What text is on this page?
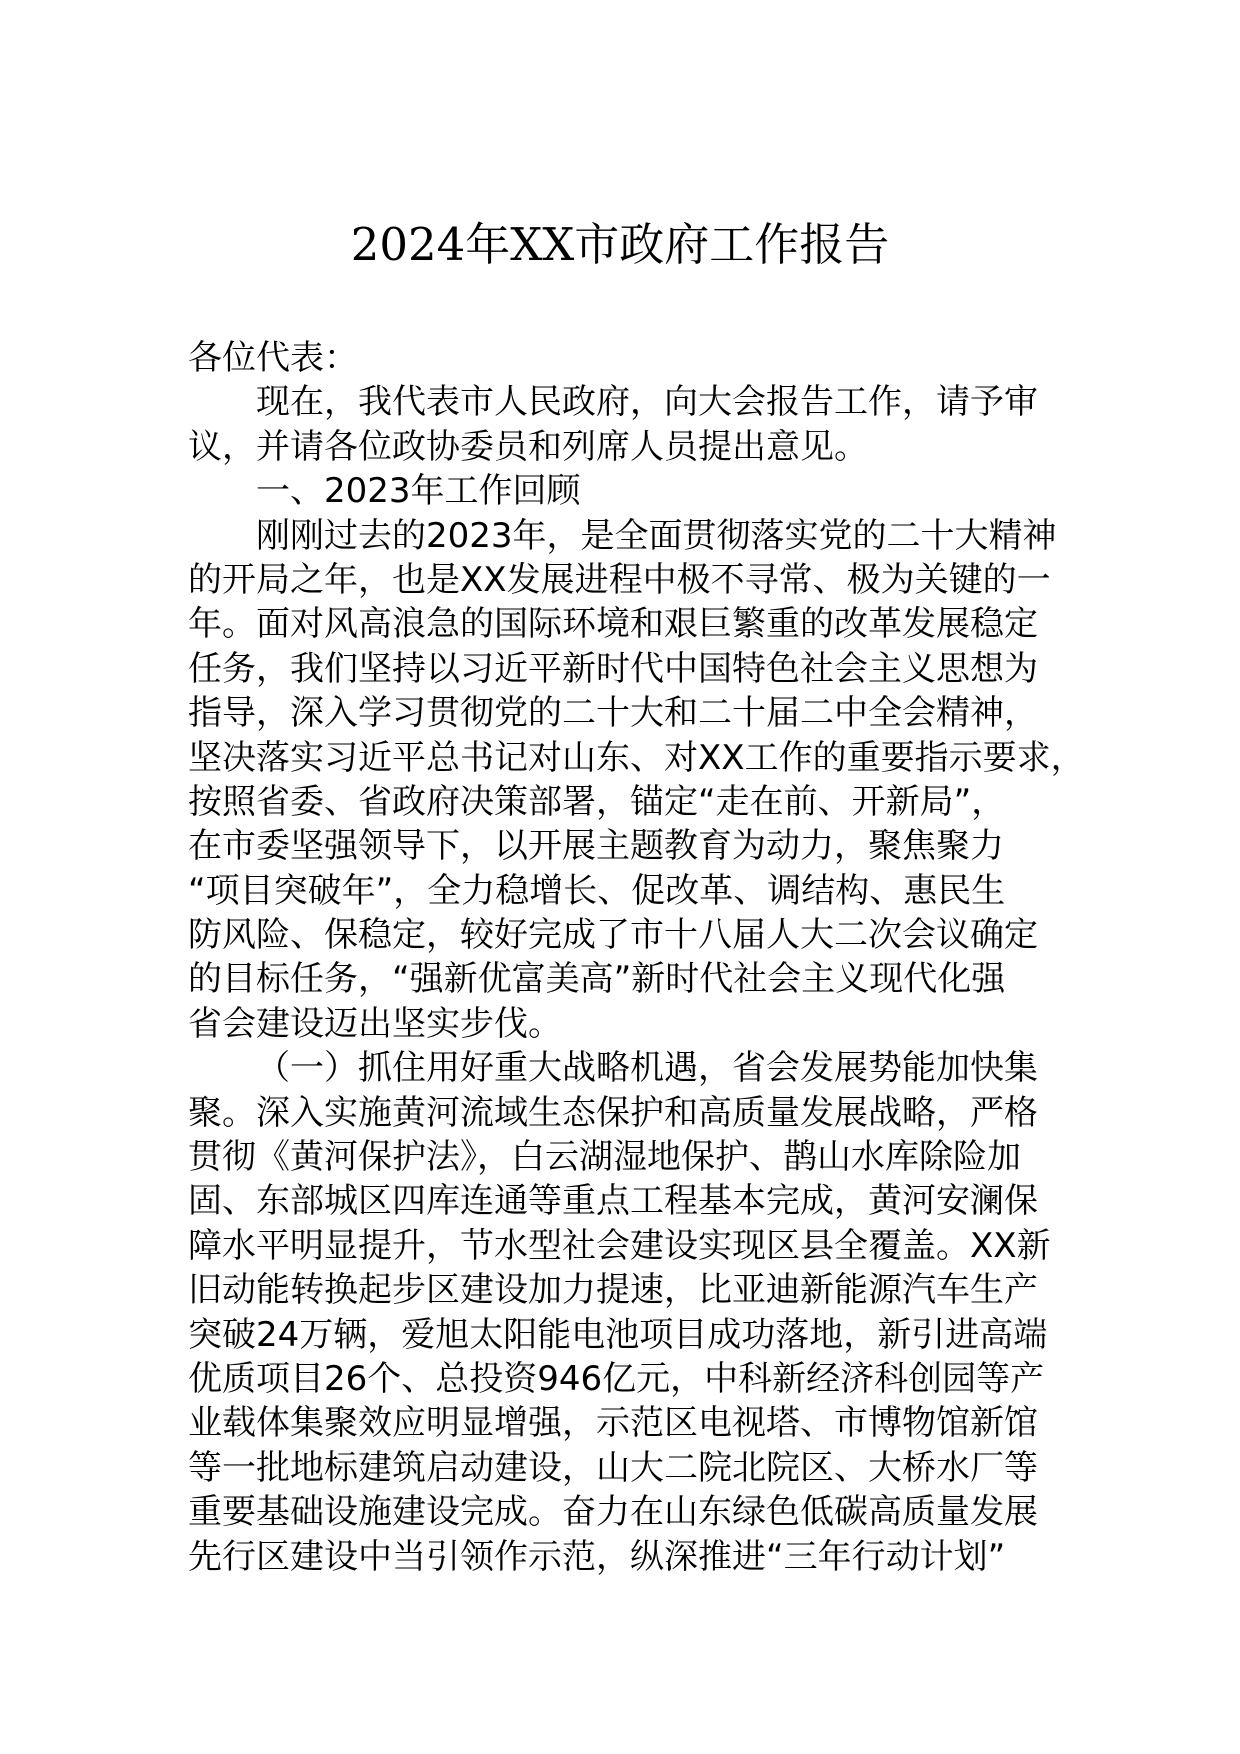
2024年XX市政府工作报告
各位代表：
现在，我代表市人民政府，向大会报告工作，请予审
议，并请各位政协委员和列席人员提出意见。
一、2023年工作回顾
刚刚过去的2023年，是全面贯彻落实党的二十大精神
的开局之年，也是XX发展进程中极不寻常、极为关键的一
年。面对风高浪急的国际环境和艰巨繁重的改革发展稳定
任务，我们坚持以习近平新时代中国特色社会主义思想为
指导，深入学习贯彻党的二十大和二十届二中全会精神，
坚决落实习近平总书记对山东、对XX工作的重要指示要求，
按照省委、省政府决策部署，锚定“走在前、开新局”，
在市委坚强领导下，以开展主题教育为动力，聚焦聚力
“项目突破年”，全力稳增长、促改革、调结构、惠民生
防风险、保稳定，较好完成了市十八届人大二次会议确定
的目标任务，“强新优富美高”新时代社会主义现代化强
省会建设迈出坚实步伐。
（一）抓住用好重大战略机遇，省会发展势能加快集
聚。深入实施黄河流域生态保护和高质量发展战略，严格
贯彻《黄河保护法》，白云湖湿地保护、鹊山水库除险加
固、东部城区四库连通等重点工程基本完成，黄河安澜保
障水平明显提升，节水型社会建设实现区县全覆盖。XX新
旧动能转换起步区建设加力提速，比亚迪新能源汽车生产
突破24万辆，爱旭太阳能电池项目成功落地，新引进高端
优质项目26个、总投资946亿元，中科新经济科创园等产
业载体集聚效应明显增强，示范区电视塔、市博物馆新馆
等一批地标建筑启动建设，山大二院北院区、大桥水厂等
重要基础设施建设完成。奋力在山东绿色低碳高质量发展
先行区建设中当引领作示范，纵深推进“三年行动计划”
